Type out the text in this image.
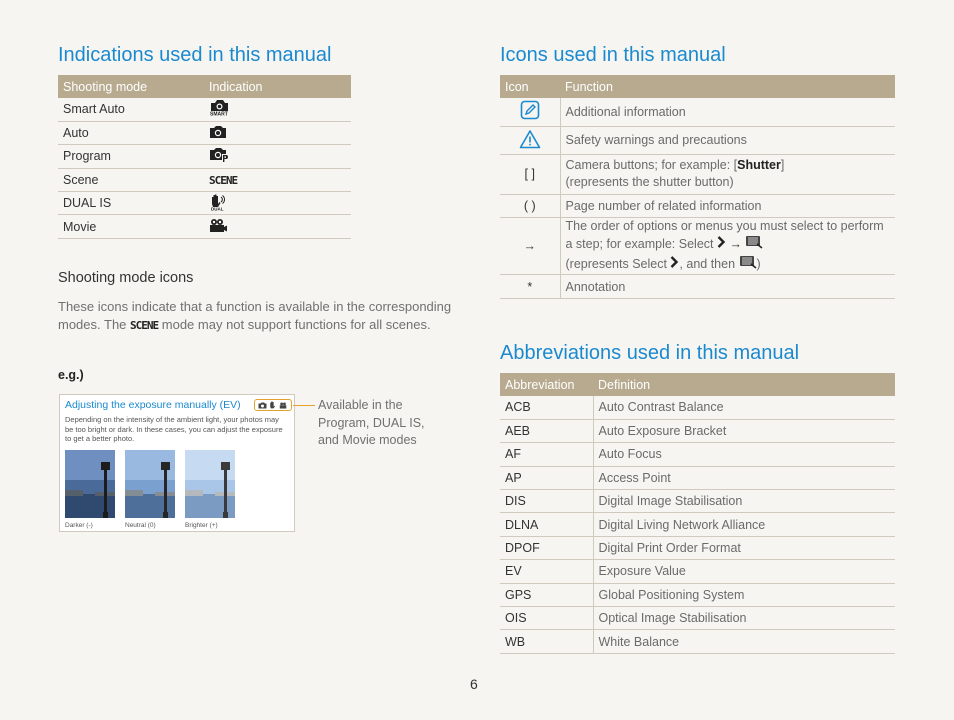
Indications used in this manual
Shooting mode	Indication
Smart Auto	SMART

Auto	
Program	
Scene	SCENE
DUAL IS	DUAL

Movie	
Shooting mode icons
These icons indicate that a function is available in the corresponding modes. The SCENE mode may not support functions for all scenes.
e.g.)
Adjusting the exposure manually (EV)
Depending on the intensity of the ambient light, your photos may be too bright or dark. In these cases, you can adjust the exposure to get a better photo.
Darker (-)	Neutral (0)	Brighter (+)
Available in the Program, DUAL IS, and Movie modes
Icons used in this manual
Icon	Function
	Additional information
	Safety warnings and precautions
[ ]	Camera buttons; for example: [Shutter]
(represents the shutter button)
( )	Page number of related information
→	The order of options or menus you must select to perform
a step; for example: Select →
(represents Select , and then )
*	Annotation
Abbreviations used in this manual
Abbreviation	Definition
ACB	Auto Contrast Balance
AEB	Auto Exposure Bracket
AF	Auto Focus
AP	Access Point
DIS	Digital Image Stabilisation
DLNA	Digital Living Network Alliance
DPOF	Digital Print Order Format
EV	Exposure Value
GPS	Global Positioning System
OIS	Optical Image Stabilisation
WB	White Balance
6
